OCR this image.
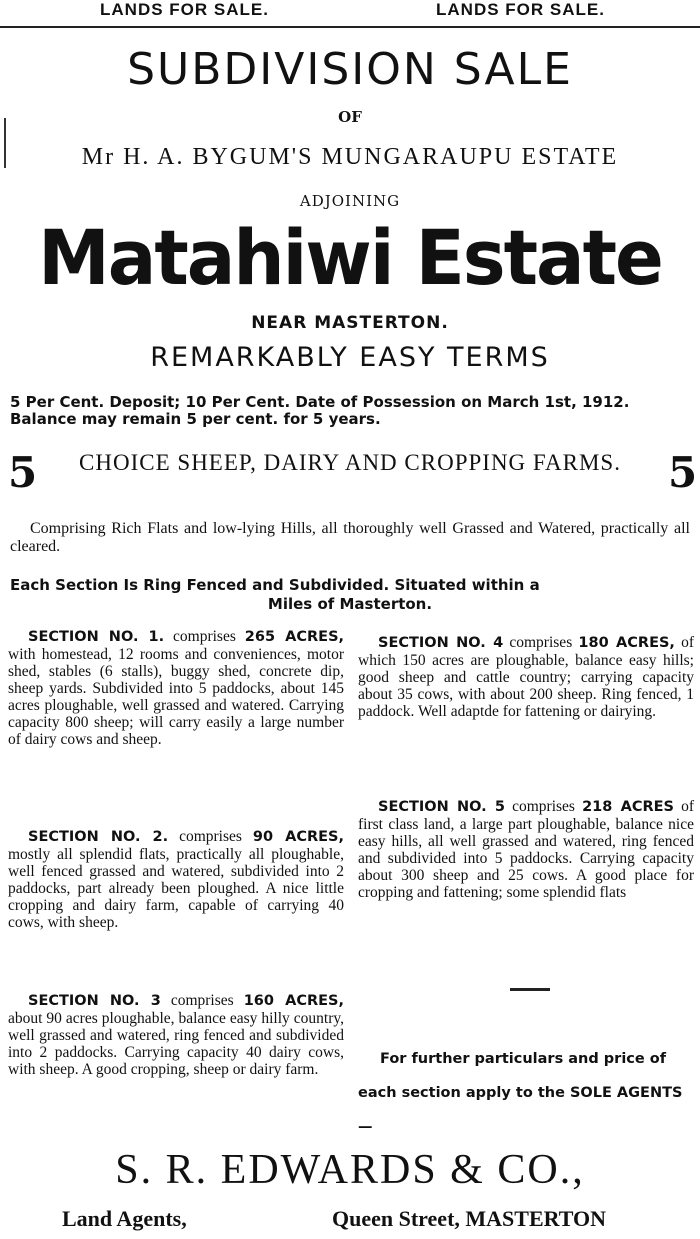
LANDS FOR SALE.	LANDS FOR SALE.
SUBDIVISION SALE
OF
Mr H. A. BYGUM'S MUNGARAUPU ESTATE
ADJOINING
Matahiwi Estate
NEAR MASTERTON.
REMARKABLY EASY TERMS
5 Per Cent. Deposit; 10 Per Cent. Date of Possession on March 1st, 1912. Balance may remain 5 per cent. for 5 years.
5	CHOICE SHEEP, DAIRY AND CROPPING FARMS.	5
Comprising Rich Flats and low-lying Hills, all thoroughly well Grassed and Watered, practically all cleared.
Each Section Is Ring Fenced and Subdivided. Situated within a
Miles of Masterton.

SECTION NO. 1. comprises 265 ACRES, with homestead, 12 rooms and conveniences, motor shed, stables (6 stalls), buggy shed, concrete dip, sheep yards. Subdivided into 5 paddocks, about 145 acres ploughable, well grassed and watered. Carrying capacity 800 sheep; will carry easily a large number of dairy cows and sheep.

SECTION NO. 2. comprises 90 ACRES, mostly all splendid flats, practically all ploughable, well fenced grassed and watered, subdivided into 2 paddocks, part already been ploughed. A nice little cropping and dairy farm, capable of carrying 40 cows, with sheep.

SECTION NO. 3 comprises 160 ACRES, about 90 acres ploughable, balance easy hilly country, well grassed and watered, ring fenced and subdivided into 2 paddocks. Carrying capacity 40 dairy cows, with sheep. A good cropping, sheep or dairy farm.

SECTION NO. 4 comprises 180 ACRES, of which 150 acres are ploughable, balance easy hills; good sheep and cattle country; carrying capacity about 35 cows, with about 200 sheep. Ring fenced, 1 paddock. Well adaptde for fattening or dairying.

SECTION NO. 5 comprises 218 ACRES of first class land, a large part ploughable, balance nice easy hills, all well grassed and watered, ring fenced and subdivided into 5 paddocks. Carrying capacity about 300 sheep and 25 cows. A good place for cropping and fattening; some splendid flats

For further particulars and price of each section apply to the SOLE AGENTS—
S. R. EDWARDS & CO.,
Land Agents,	Queen Street, MASTERTON
